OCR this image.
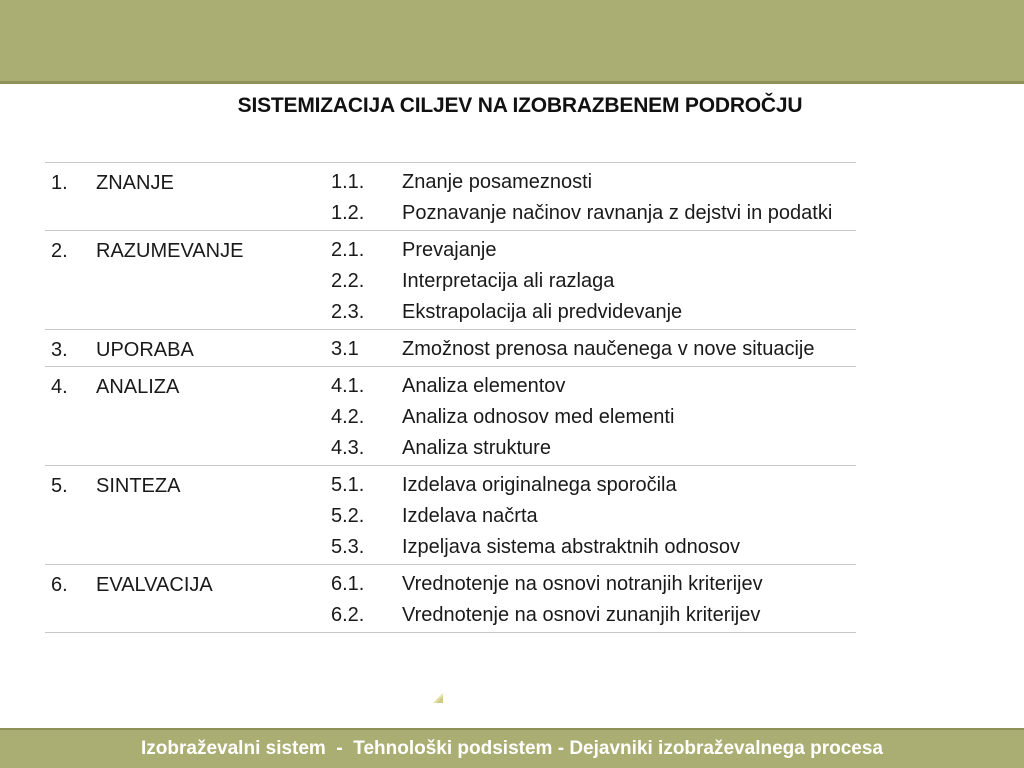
SISTEMIZACIJA CILJEV NA IZOBRAZBENEM PODROČJU
1. ZNANJE	1.1.	Znanje posameznosti
1.2.	Poznavanje načinov ravnanja z dejstvi in podatki
2. RAZUMEVANJE	2.1.	Prevajanje
2.2.	Interpretacija ali razlaga
2.3.	Ekstrapolacija ali predvidevanje
3. UPORABA	3.1	Zmožnost prenosa naučenega v nove situacije
4. ANALIZA	4.1.	Analiza elementov
4.2.	Analiza odnosov med elementi
4.3.	Analiza strukture
5. SINTEZA	5.1.	Izdelava originalnega sporočila
5.2.	Izdelava načrta
5.3.	Izpeljava sistema abstraktnih odnosov
6. EVALVACIJA	6.1.	Vrednotenje na osnovi notranjih kriterijev
6.2.	Vrednotenje na osnovi zunanjih kriterijev
Izobraževalni sistem  -  Tehnološki podsistem - Dejavniki izobraževalnega procesa
